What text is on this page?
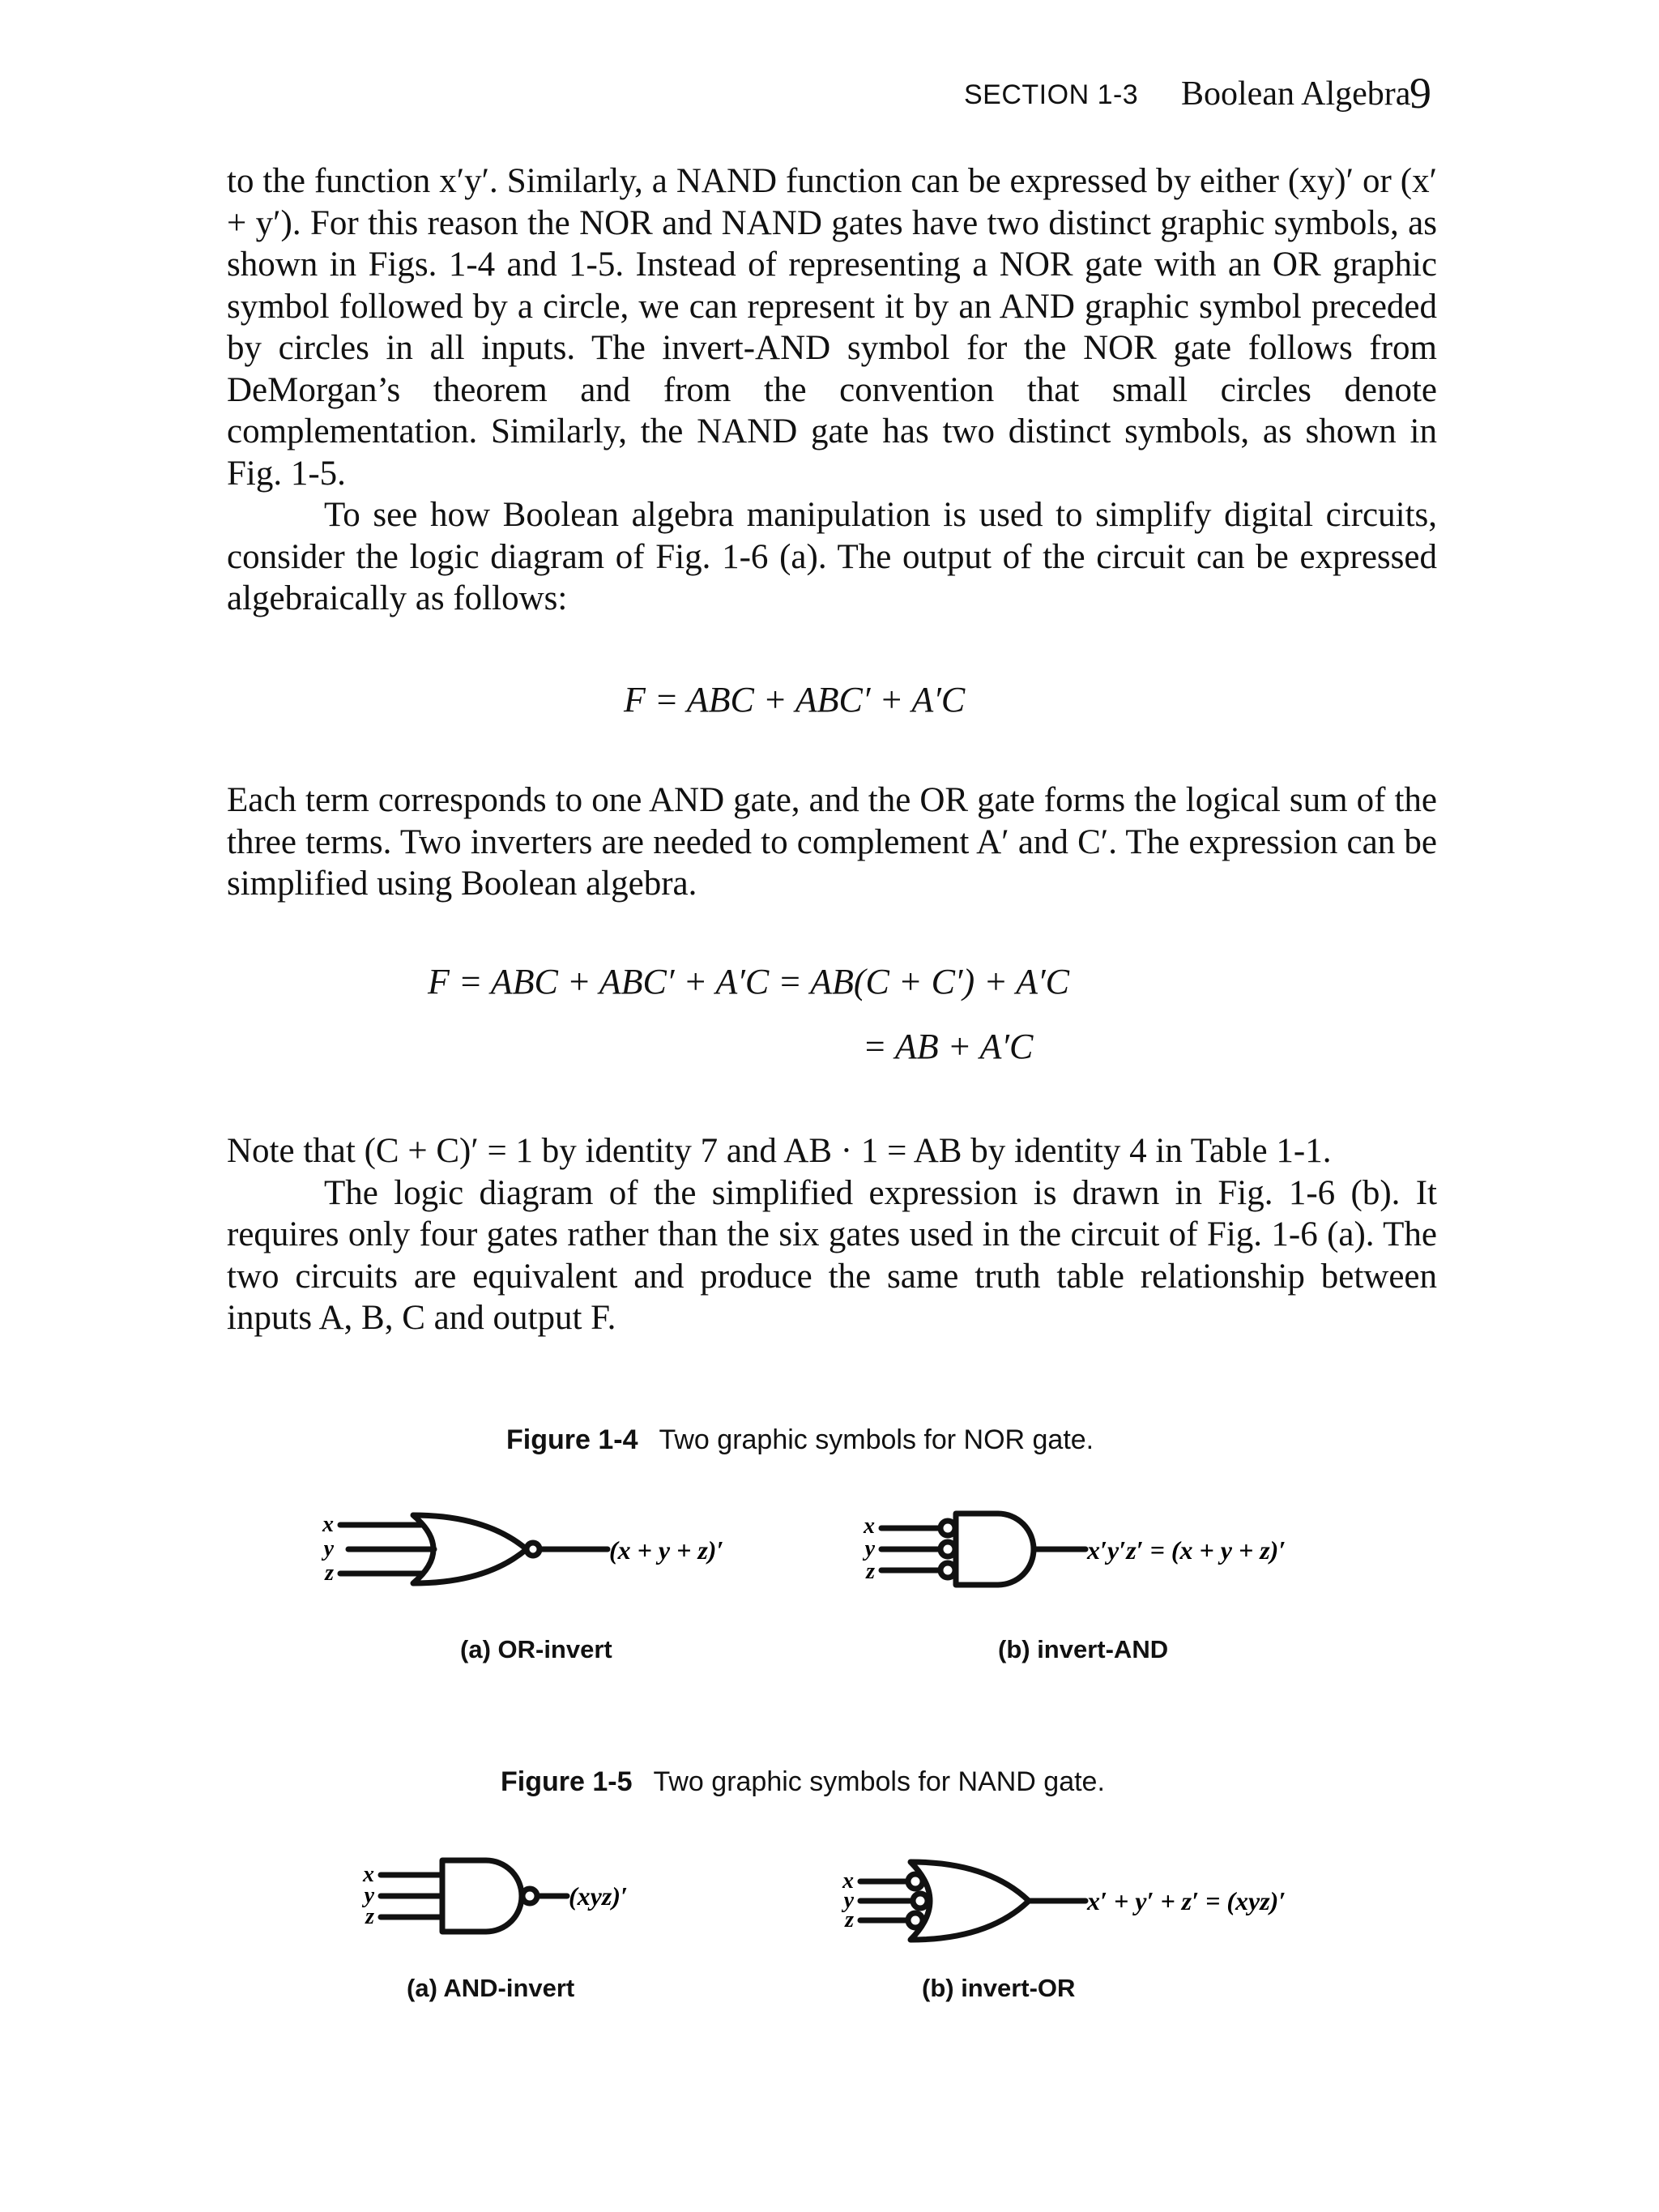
SECTION 1-3 Boolean Algebra
9
to the function x′y′. Similarly, a NAND function can be expressed by either (xy)′ or (x′ + y′). For this reason the NOR and NAND gates have two distinct graphic symbols, as shown in Figs. 1-4 and 1-5. Instead of representing a NOR gate with an OR graphic symbol followed by a circle, we can represent it by an AND graphic symbol preceded by circles in all inputs. The invert-AND symbol for the NOR gate follows from DeMorgan’s theorem and from the convention that small circles denote complementation. Similarly, the NAND gate has two distinct symbols, as shown in Fig. 1-5.
To see how Boolean algebra manipulation is used to simplify digital circuits, consider the logic diagram of Fig. 1-6 (a). The output of the circuit can be expressed algebraically as follows:
F = ABC + ABC′ + A′C
Each term corresponds to one AND gate, and the OR gate forms the logical sum of the three terms. Two inverters are needed to complement A′ and C′. The expression can be simplified using Boolean algebra.
F = ABC + ABC′ + A′C = AB(C + C′) + A′C
= AB + A′C
Note that (C + C)′ = 1 by identity 7 and AB · 1 = AB by identity 4 in Table 1-1.
The logic diagram of the simplified expression is drawn in Fig. 1-6 (b). It requires only four gates rather than the six gates used in the circuit of Fig. 1-6 (a). The two circuits are equivalent and produce the same truth table relationship between inputs A, B, C and output F.
Figure 1-4 Two graphic symbols for NOR gate.
Figure 1-5 Two graphic symbols for NAND gate.
x
y
z
(x + y + z)′
x
y
z
x′y′z′ = (x + y + z)′
x
y
z
(xyz)′
x
y
z
x′ + y′ + z′ = (xyz)′
(a) OR-invert	(b) invert-AND
(a) AND-invert	(b) invert-OR
